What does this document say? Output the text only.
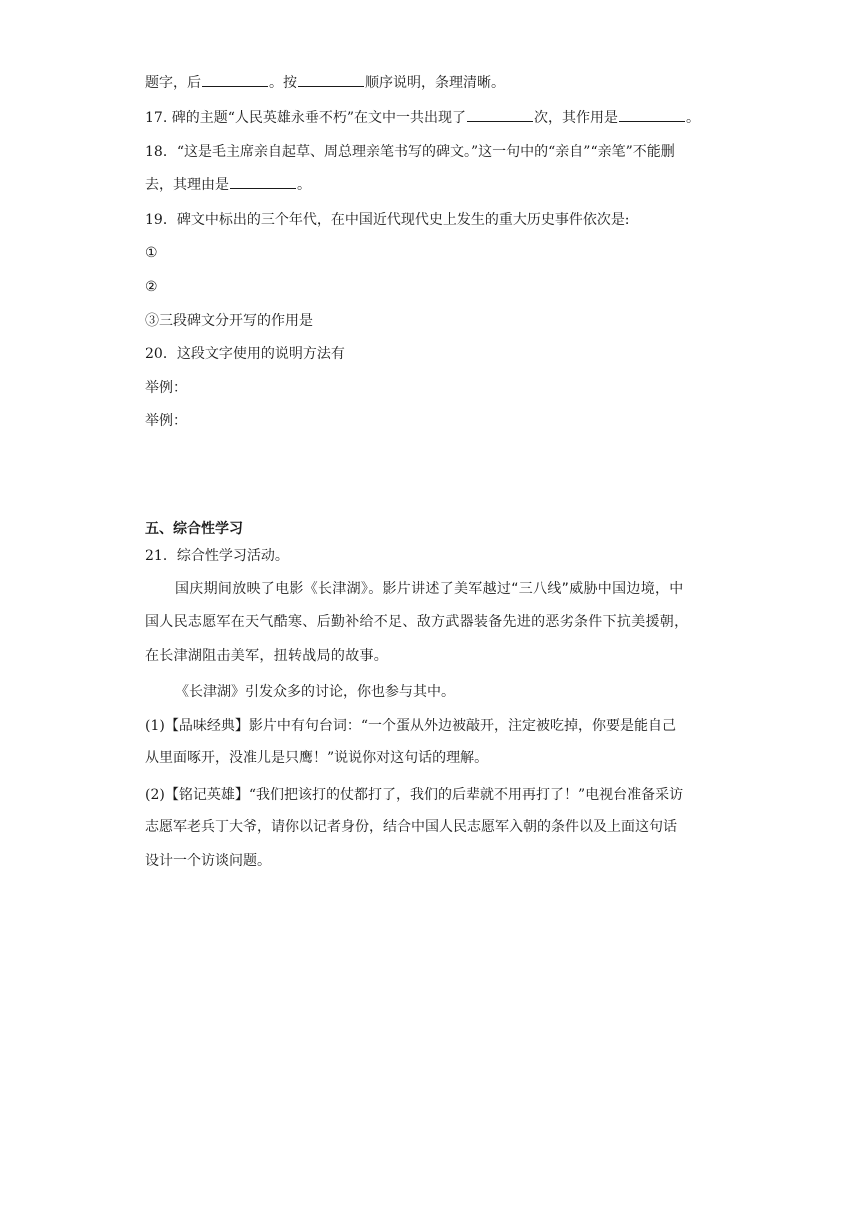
题字，后	。按	顺序说明，条理清晰。
17. 碑的主题“人民英雄永垂不朽”在文中一共出现了	次，其作用是	。
18．“这是毛主席亲自起草、周总理亲笔书写的碑文。”这一句中的“亲自”“亲笔”不能删
去，其理由是	。
19．碑文中标出的三个年代，在中国近代现代史上发生的重大历史事件依次是:
①
②
③三段碑文分开写的作用是
20．这段文字使用的说明方法有
举例：
举例：
五、综合性学习
21．综合性学习活动。
国庆期间放映了电影《长津湖》。影片讲述了美军越过“三八线”威胁中国边境，中
国人民志愿军在天气酷寒、后勤补给不足、敌方武器装备先进的恶劣条件下抗美援朝，
在长津湖阻击美军，扭转战局的故事。
《长津湖》引发众多的讨论，你也参与其中。
(1)【品味经典】影片中有句台词：“一个蛋从外边被敲开，注定被吃掉，你要是能自己
从里面啄开，没准儿是只鹰！”说说你对这句话的理解。
(2)【铭记英雄】“我们把该打的仗都打了，我们的后辈就不用再打了！”电视台准备采访
志愿军老兵丁大爷，请你以记者身份，结合中国人民志愿军入朝的条件以及上面这句话
设计一个访谈问题。
